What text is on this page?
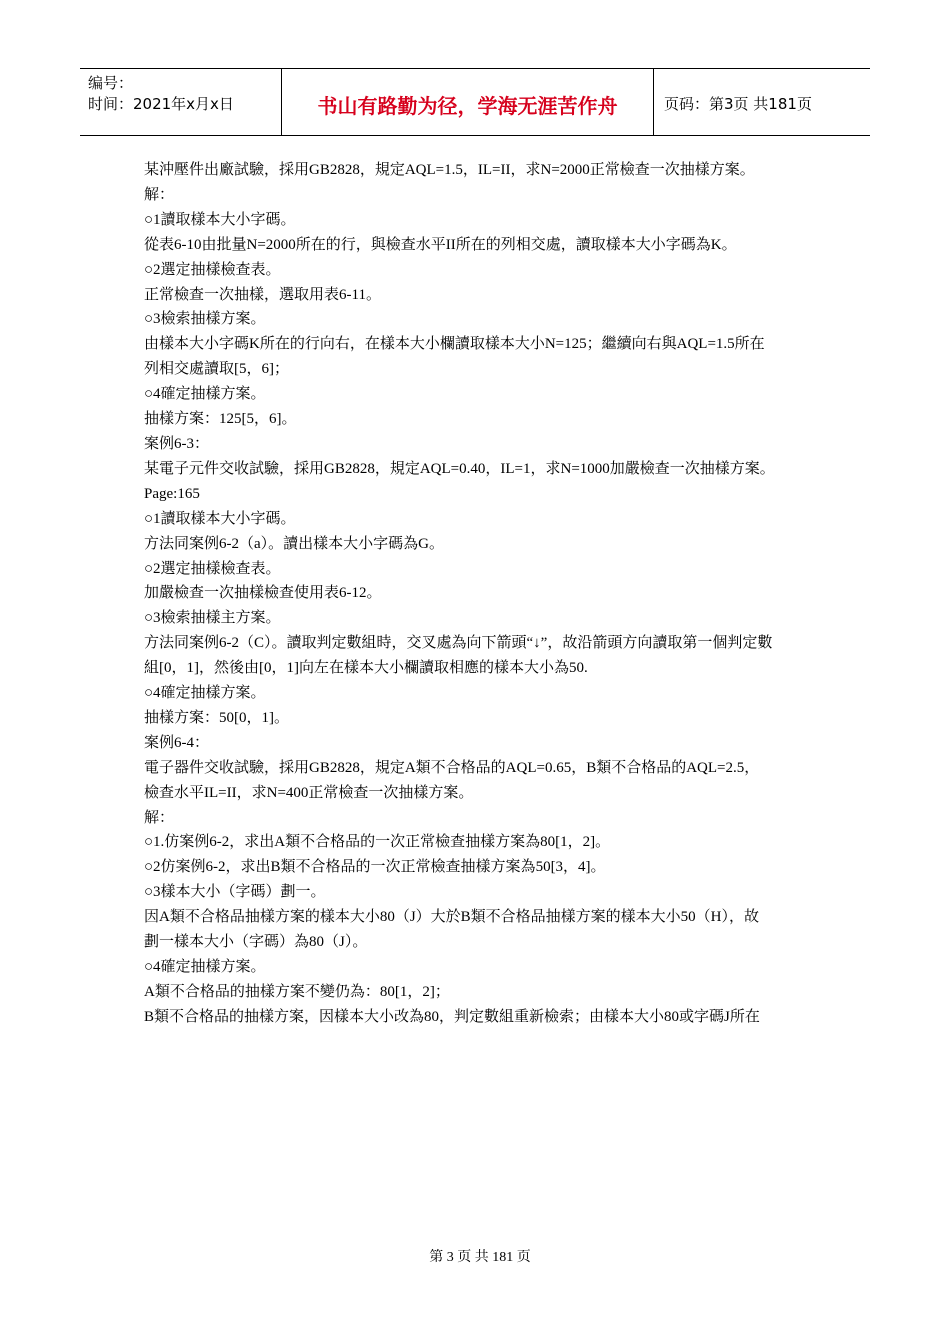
编号：
时间：2021年x月x日	书山有路勤为径，学海无涯苦作舟	页码：第3页 共181页

某沖壓件出廠試驗，採用GB2828，規定AQL=1.5，IL=II，求N=2000正常檢查一次抽樣方案。

解：

○1讀取樣本大小字碼。

從表6-10由批量N=2000所在的行，與檢查水平II所在的列相交處，讀取樣本大小字碼為K。

○2選定抽樣檢查表。

正常檢查一次抽樣，選取用表6-11。

○3檢索抽樣方案。

由樣本大小字碼K所在的行向右，在樣本大小欄讀取樣本大小N=125；繼續向右與AQL=1.5所在

列相交處讀取[5，6]；

○4確定抽樣方案。

抽樣方案：125[5，6]。

案例6-3：

某電子元件交收試驗，採用GB2828，規定AQL=0.40，IL=1，求N=1000加嚴檢查一次抽樣方案。

Page:165

○1讀取樣本大小字碼。

方法同案例6-2（a）。讀出樣本大小字碼為G。

○2選定抽樣檢查表。

加嚴檢查一次抽樣檢查使用表6-12。

○3檢索抽樣主方案。

方法同案例6-2（C）。讀取判定數組時，交叉處為向下箭頭“↓”，故沿箭頭方向讀取第一個判定數

組[0，1]，然後由[0，1]向左在樣本大小欄讀取相應的樣本大小為50.

○4確定抽樣方案。

抽樣方案：50[0，1]。

案例6-4：

電子器件交收試驗，採用GB2828，規定A類不合格品的AQL=0.65，B類不合格品的AQL=2.5，

檢查水平IL=II，求N=400正常檢查一次抽樣方案。

解：

○1.仿案例6-2，求出A類不合格品的一次正常檢查抽樣方案為80[1，2]。

○2仿案例6-2，求出B類不合格品的一次正常檢查抽樣方案為50[3，4]。

○3樣本大小（字碼）劃一。

因A類不合格品抽樣方案的樣本大小80（J）大於B類不合格品抽樣方案的樣本大小50（H），故

劃一樣本大小（字碼）為80（J）。

○4確定抽樣方案。

A類不合格品的抽樣方案不變仍為：80[1，2]；

B類不合格品的抽樣方案，因樣本大小改為80，判定數組重新檢索；由樣本大小80或字碼J所在

第 3 页 共 181 页
